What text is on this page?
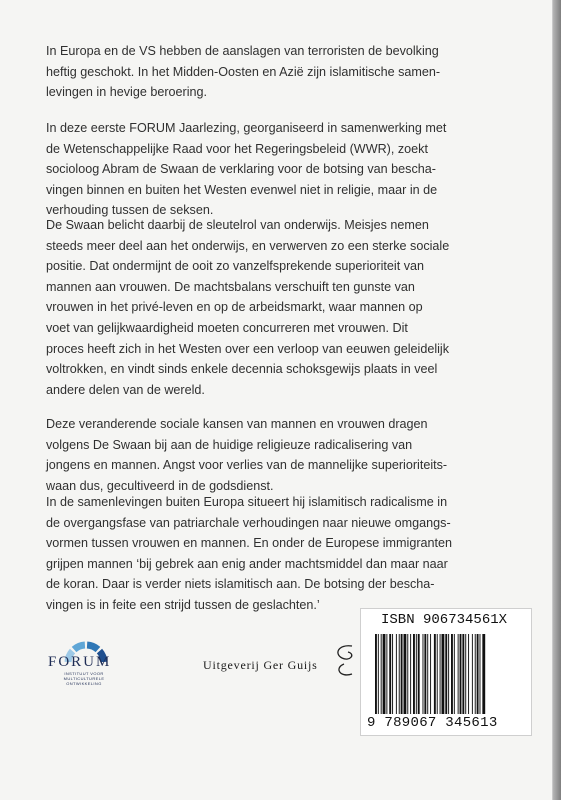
In Europa en de VS hebben de aanslagen van terroristen de bevolking
heftig geschokt. In het Midden-Oosten en Azië zijn islamitische samen-
levingen in hevige beroering.

In deze eerste FORUM Jaarlezing, georganiseerd in samenwerking met
de Wetenschappelijke Raad voor het Regeringsbeleid (WWR), zoekt
socioloog Abram de Swaan de verklaring voor de botsing van bescha-
vingen binnen en buiten het Westen evenwel niet in religie, maar in de
verhouding tussen de seksen.

De Swaan belicht daarbij de sleutelrol van onderwijs. Meisjes nemen
steeds meer deel aan het onderwijs, en verwerven zo een sterke sociale
positie. Dat ondermijnt de ooit zo vanzelfsprekende superioriteit van
mannen aan vrouwen. De machtsbalans verschuift ten gunste van
vrouwen in het privé-leven en op de arbeidsmarkt, waar mannen op
voet van gelijkwaardigheid moeten concurreren met vrouwen. Dit
proces heeft zich in het Westen over een verloop van eeuwen geleidelijk
voltrokken, en vindt sinds enkele decennia schoksgewijs plaats in veel
andere delen van de wereld.

Deze veranderende sociale kansen van mannen en vrouwen dragen
volgens De Swaan bij aan de huidige religieuze radicalisering van
jongens en mannen. Angst voor verlies van de mannelijke superioriteits-
waan dus, gecultiveerd in de godsdienst.

In de samenlevingen buiten Europa situeert hij islamitisch radicalisme in
de overgangsfase van patriarchale verhoudingen naar nieuwe omgangs-
vormen tussen vrouwen en mannen. En onder de Europese immigranten
grijpen mannen ‘bij gebrek aan enig ander machtsmiddel dan maar naar
de koran. Daar is verder niets islamitisch aan. De botsing der bescha-
vingen is in feite een strijd tussen de geslachten.’

FORUM
INSTITUUT VOOR MULTICULTURELE ONTWIKKELING
Uitgeverij Ger Guijs
ISBN 906734561X
9 789067 345613
